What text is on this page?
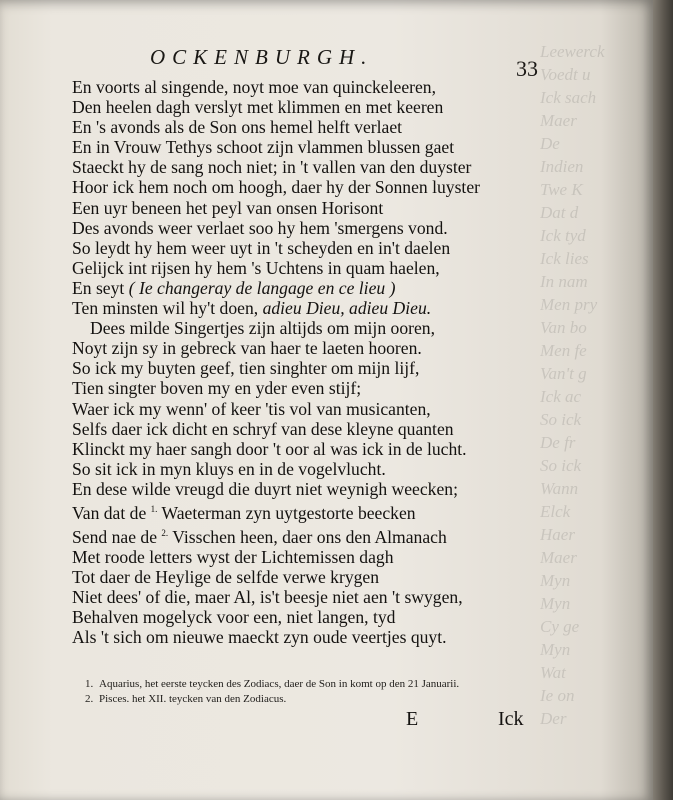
Leewerck
Voedt u
Ick sach
Maer
De
Indien
Twe K
Dat d
Ick tyd
Ick lies
In nam
Men pry
Van bo
Men fe
Van't g
Ick ac
So ick
De fr
So ick
Wann
Elck
Haer
Maer
Myn
Myn
Cy ge
Myn
Wat
Ie on
Der
OCKENBURGH.	33
En voorts al singende, noyt moe van quinckeleeren,
Den heelen dagh verslyt met klimmen en met keeren
En 's avonds als de Son ons hemel helft verlaet
En in Vrouw Tethys schoot zijn vlammen blussen gaet
Staeckt hy de sang noch niet; in 't vallen van den duyster
Hoor ick hem noch om hoogh, daer hy der Sonnen luyster
Een uyr beneen het peyl van onsen Horisont
Des avonds weer verlaet soo hy hem 'smergens vond.
So leydt hy hem weer uyt in 't scheyden en in't daelen
Gelijck int rijsen hy hem 's Uchtens in quam haelen,
En seyt ( Ie changeray de langage en ce lieu )
Ten minsten wil hy't doen, adieu Dieu, adieu Dieu.
Dees milde Singertjes zijn altijds om mijn ooren,
Noyt zijn sy in gebreck van haer te laeten hooren.
So ick my buyten geef, tien singhter om mijn lijf,
Tien singter boven my en yder even stijf;
Waer ick my wenn' of keer 'tis vol van musicanten,
Selfs daer ick dicht en schryf van dese kleyne quanten
Klinckt my haer sangh door 't oor al was ick in de lucht.
So sit ick in myn kluys en in de vogelvlucht.
En dese wilde vreugd die duyrt niet weynigh weecken;
Van dat de $^{1.}$ Waeterman zyn uytgestorte beecken
Send nae de $^{2.}$ Visschen heen, daer ons den Almanach
Met roode letters wyst der Lichtemissen dagh
Tot daer de Heylige de selfde verwe krygen
Niet dees' of die, maer Al, is't beesje niet aen 't swygen,
Behalven mogelyck voor een, niet langen, tyd
Als 't sich om nieuwe maeckt zyn oude veertjes quyt.
1. Aquarius, het eerste teycken des Zodiacs, daer de Son in komt op den 21 Januarii.
2. Pisces. het XII. teycken van den Zodiacus.
E	Ick
